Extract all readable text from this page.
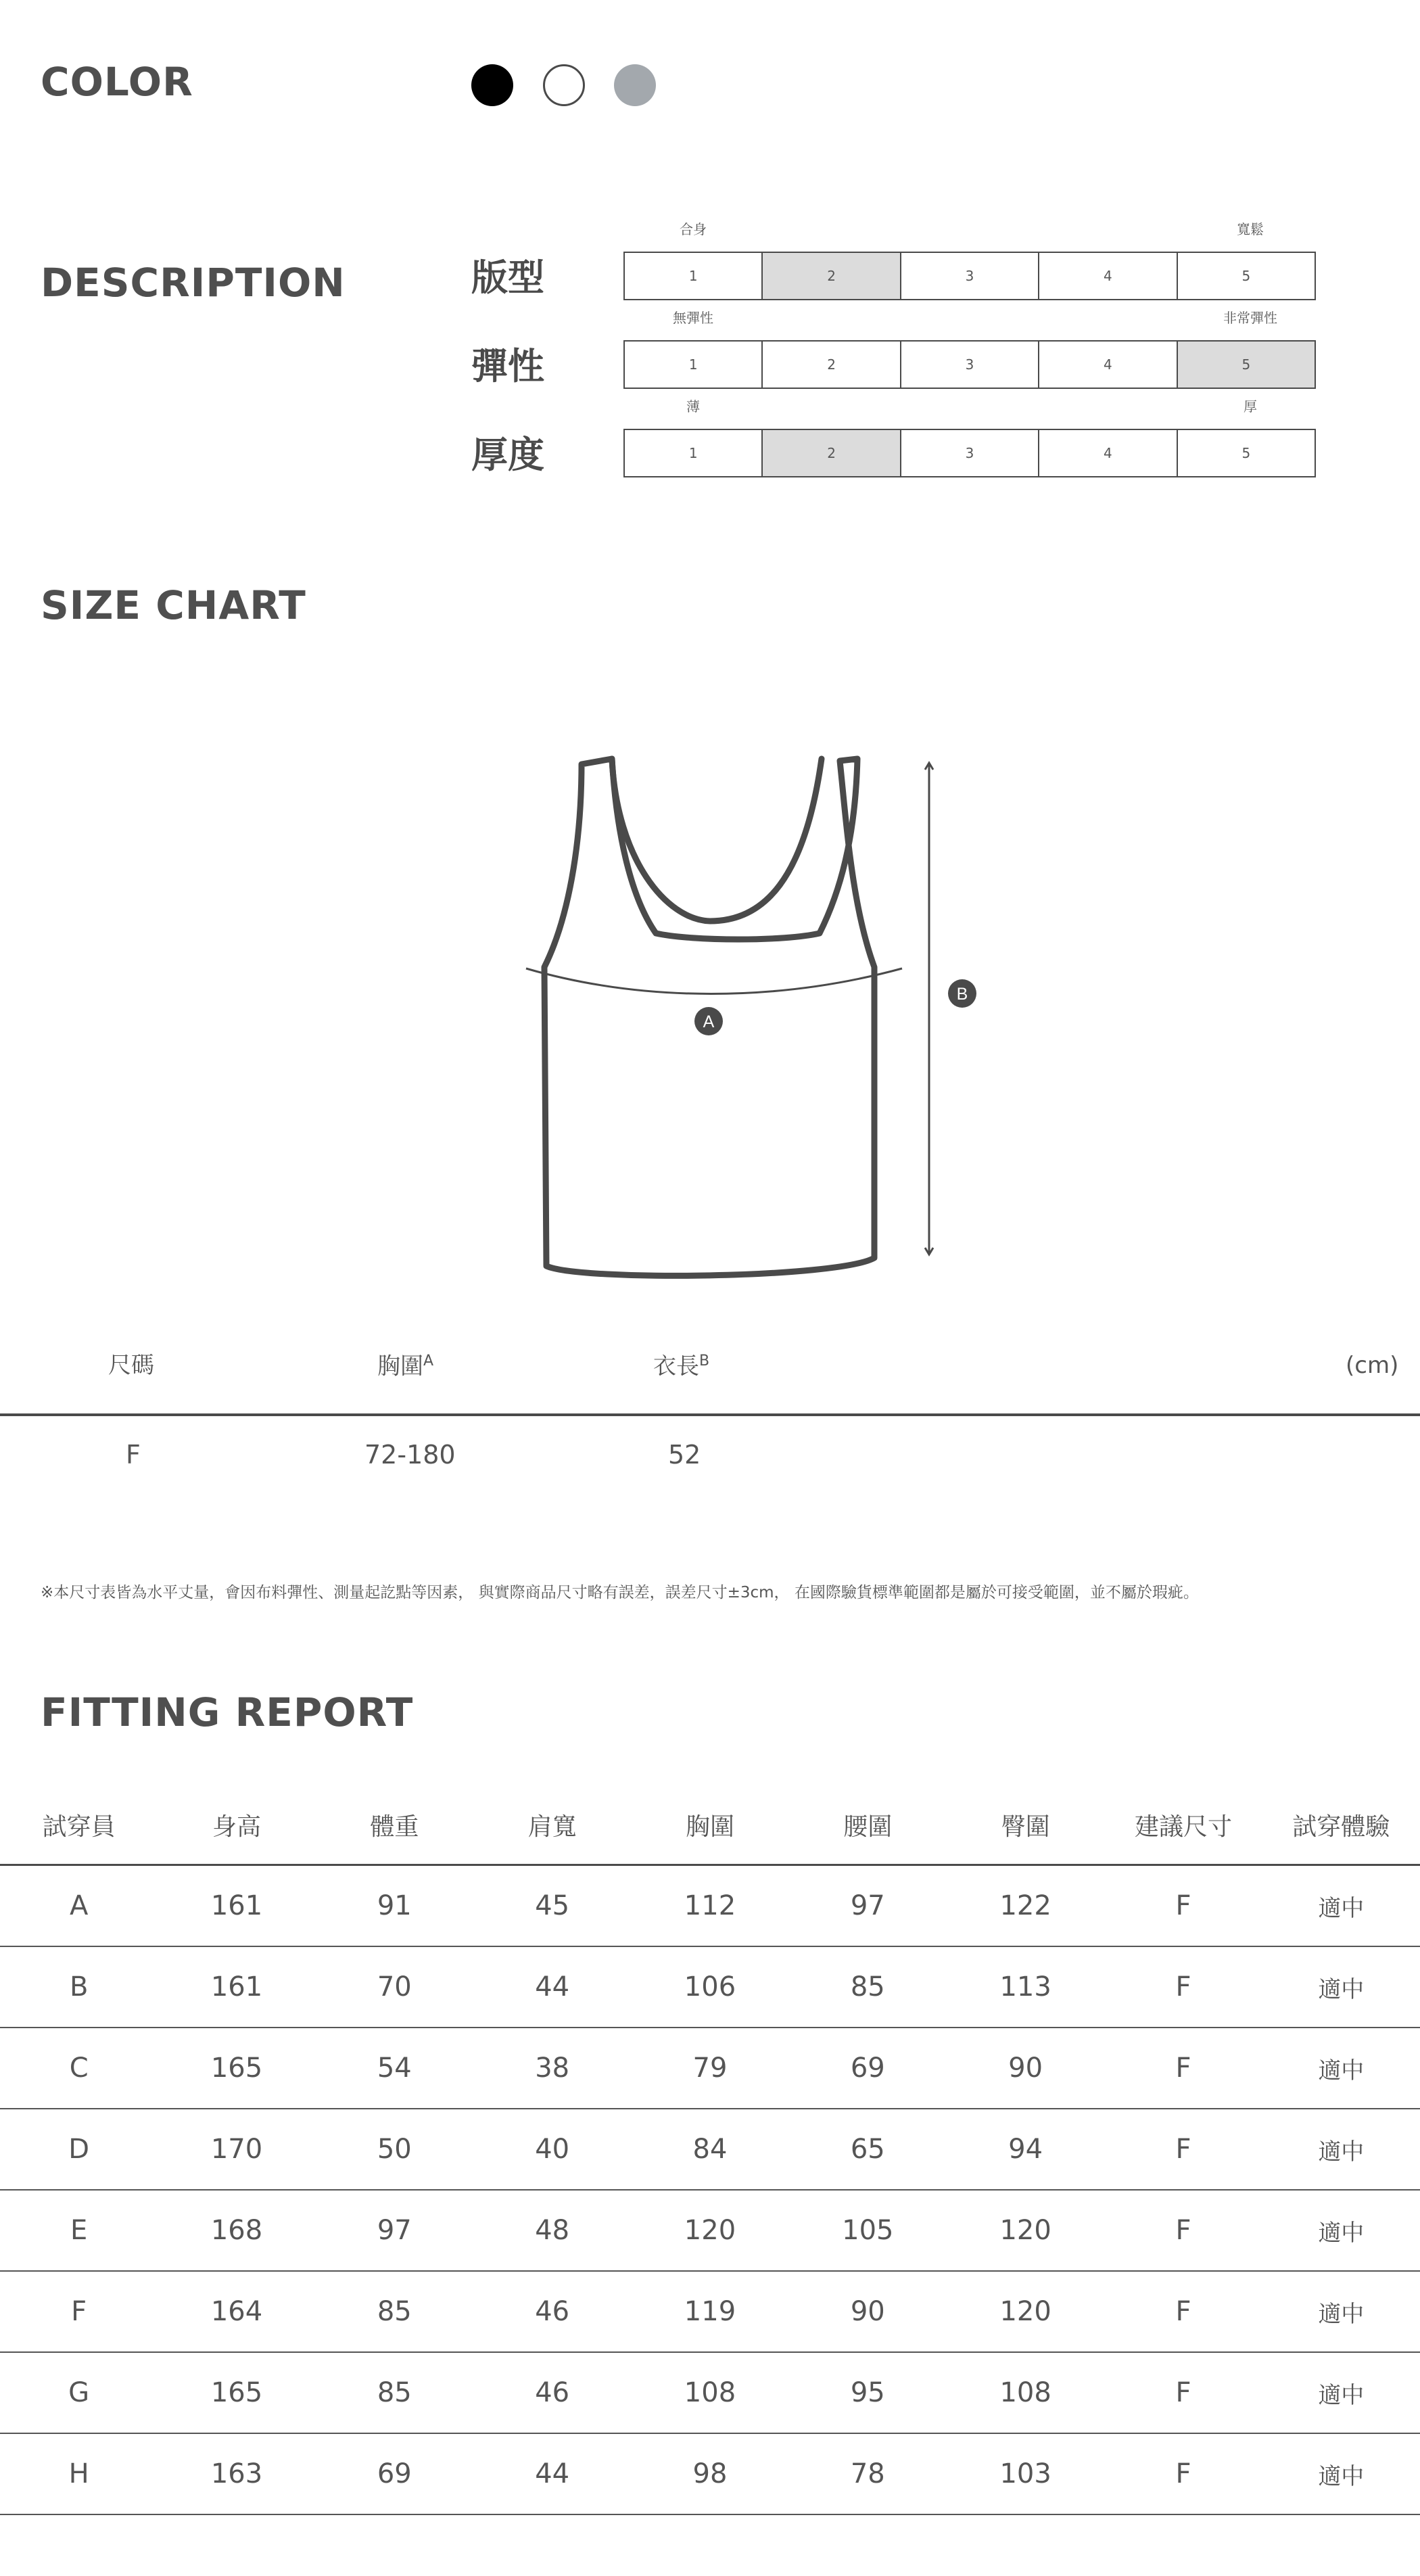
COLOR
DESCRIPTION	版型
合身	寬鬆
1	2	3	4	5
彈性
無彈性	非常彈性
1	2	3	4	5
厚度
薄	厚
1	2	3	4	5
SIZE CHART
A
B
尺碼	胸圍$^A$	衣長$^B$	(cm)
F	72-180	52
※本尺寸表皆為水平丈量，會因布料彈性、測量起訖點等因素， 與實際商品尺寸略有誤差，誤差尺寸±3cm， 在國際驗貨標準範圍都是屬於可接受範圍，並不屬於瑕疵。
FITTING REPORT
試穿員	身高	體重	肩寬	胸圍	腰圍	臀圍	建議尺寸	試穿體驗
A	161	91	45	112	97	122	F	適中
B	161	70	44	106	85	113	F	適中
C	165	54	38	79	69	90	F	適中
D	170	50	40	84	65	94	F	適中
E	168	97	48	120	105	120	F	適中
F	164	85	46	119	90	120	F	適中
G	165	85	46	108	95	108	F	適中
H	163	69	44	98	78	103	F	適中
